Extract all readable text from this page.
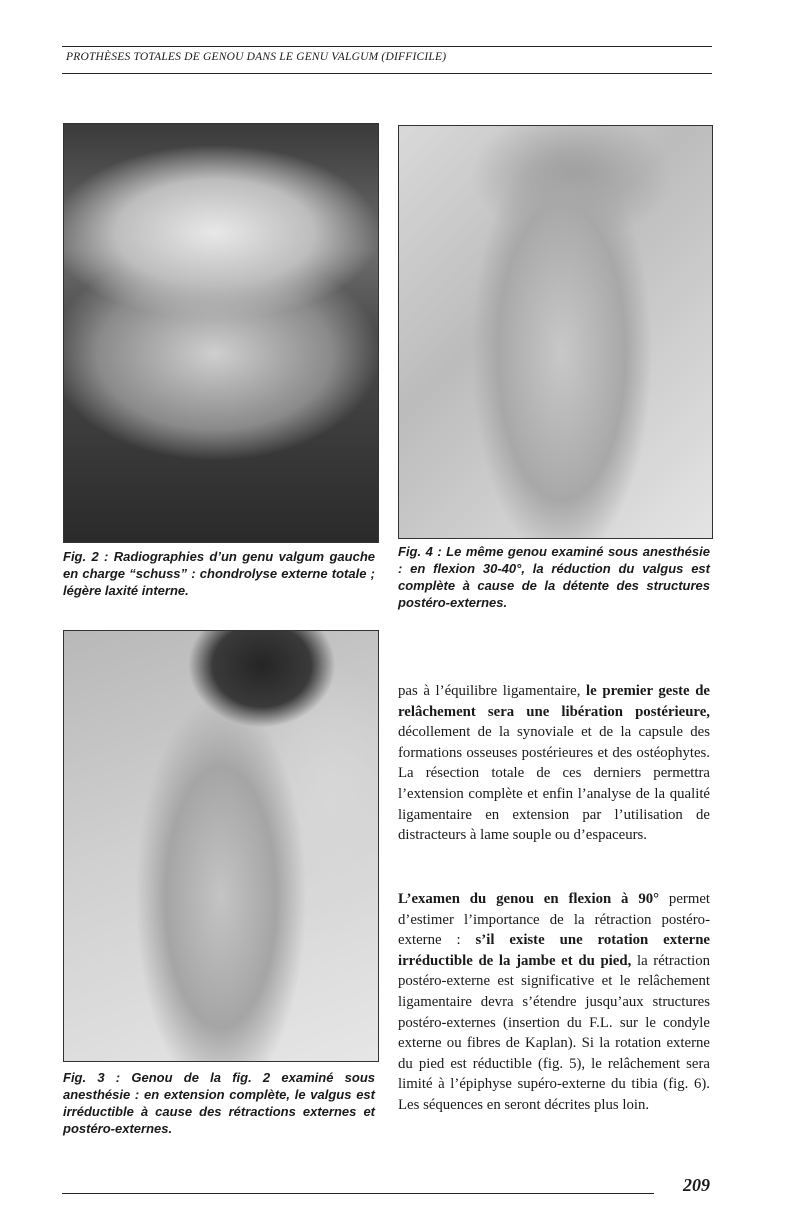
PROTHÈSES TOTALES DE GENOU DANS LE GENU VALGUM (DIFFICILE)
Fig. 2 : Radiographies d’un genu valgum gauche en charge “schuss” : chondrolyse externe totale ; légère laxité interne.
Fig. 4 : Le même genou examiné sous anesthésie : en flexion 30-40°, la réduction du valgus est complète à cause de la détente des structures postéro-externes.
Fig. 3 : Genou de la fig. 2 examiné sous anesthésie : en extension complète, le valgus est irréductible à cause des rétractions externes et postéro-externes.
pas à l’équilibre ligamentaire, le premier geste de relâchement sera une libération postérieure, décollement de la synoviale et de la capsule des formations osseuses postérieures et des ostéophytes. La résection totale de ces derniers permettra l’extension complète et enfin l’analyse de la qualité ligamentaire en extension par l’utilisation de distracteurs à lame souple ou d’espaceurs.
L’examen du genou en flexion à 90° permet d’estimer l’importance de la rétraction postéro-externe : s’il existe une rotation externe irréductible de la jambe et du pied, la rétraction postéro-externe est significative et le relâchement ligamentaire devra s’étendre jusqu’aux structures postéro-externes (insertion du F.L. sur le condyle externe ou fibres de Kaplan). Si la rotation externe du pied est réductible (fig. 5), le relâchement sera limité à l’épiphyse supéro-externe du tibia (fig. 6). Les séquences en seront décrites plus loin.
209
